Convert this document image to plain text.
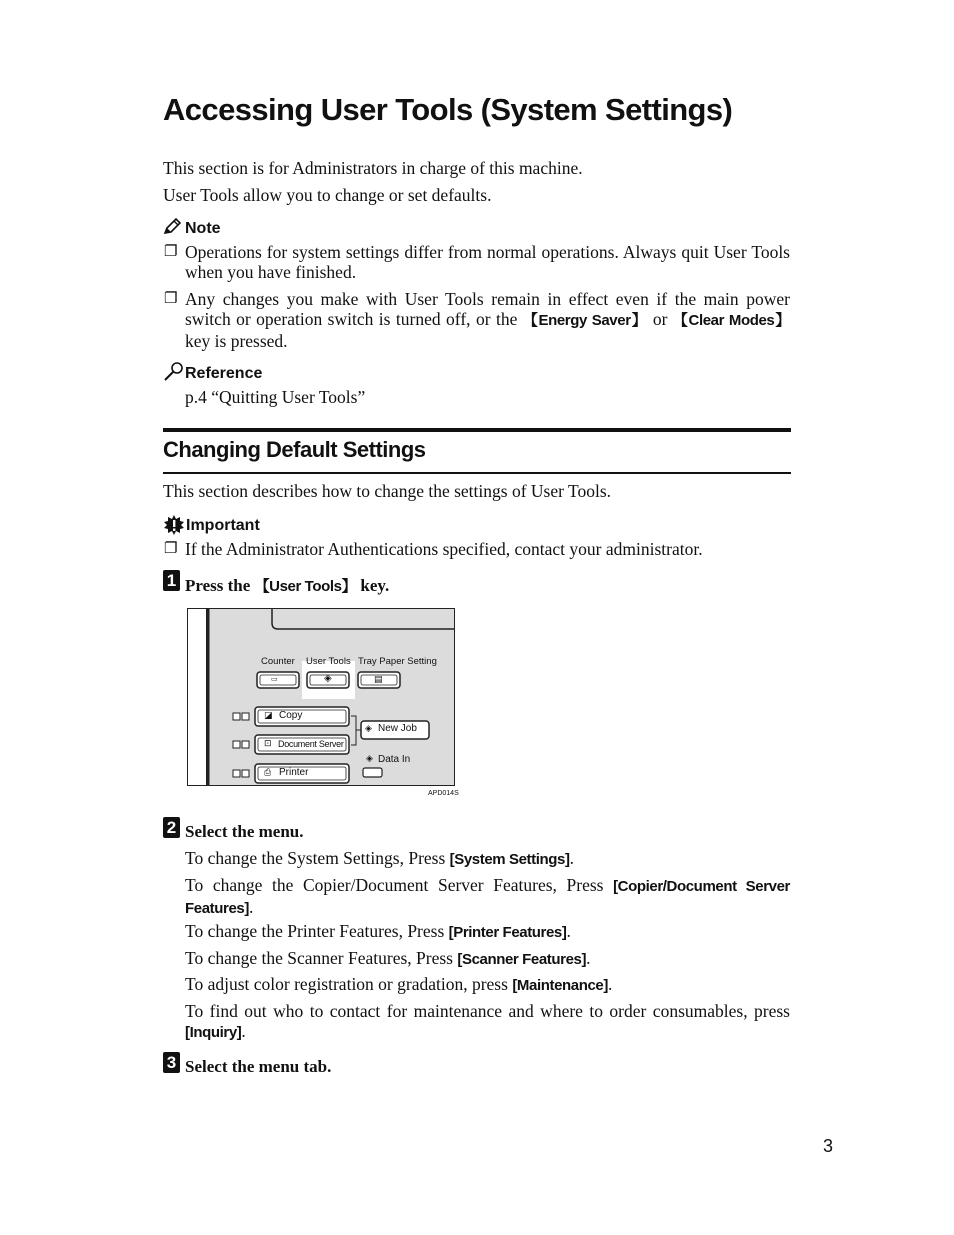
Accessing User Tools (System Settings)
This section is for Administrators in charge of this machine.
User Tools allow you to change or set defaults.
Note
❐ Operations for system settings differ from normal operations. Always quit User Tools when you have finished.
❐ Any changes you make with User Tools remain in effect even if the main power switch or operation switch is turned off, or the 【Energy Saver】 or 【Clear Modes】 key is pressed.
Reference
p.4 “Quitting User Tools”
Changing Default Settings
This section describes how to change the settings of User Tools.
Important
❐ If the Administrator Authentications specified, contact your administrator.
1 Press the 【User Tools】 key.
Counter User Tools Tray Paper Setting
▭	◈	▤
◪ Copy
⊡ Document Server
⎙ Printer
◈ New Job
◈ Data In
APD014S
2 Select the menu.
To change the System Settings, Press [System Settings].
To change the Copier/Document Server Features, Press [Copier/Document Server Features].
To change the Printer Features, Press [Printer Features].
To change the Scanner Features, Press [Scanner Features].
To adjust color registration or gradation, press [Maintenance].
To find out who to contact for maintenance and where to order consumables, press [Inquiry].
3 Select the menu tab.
3
